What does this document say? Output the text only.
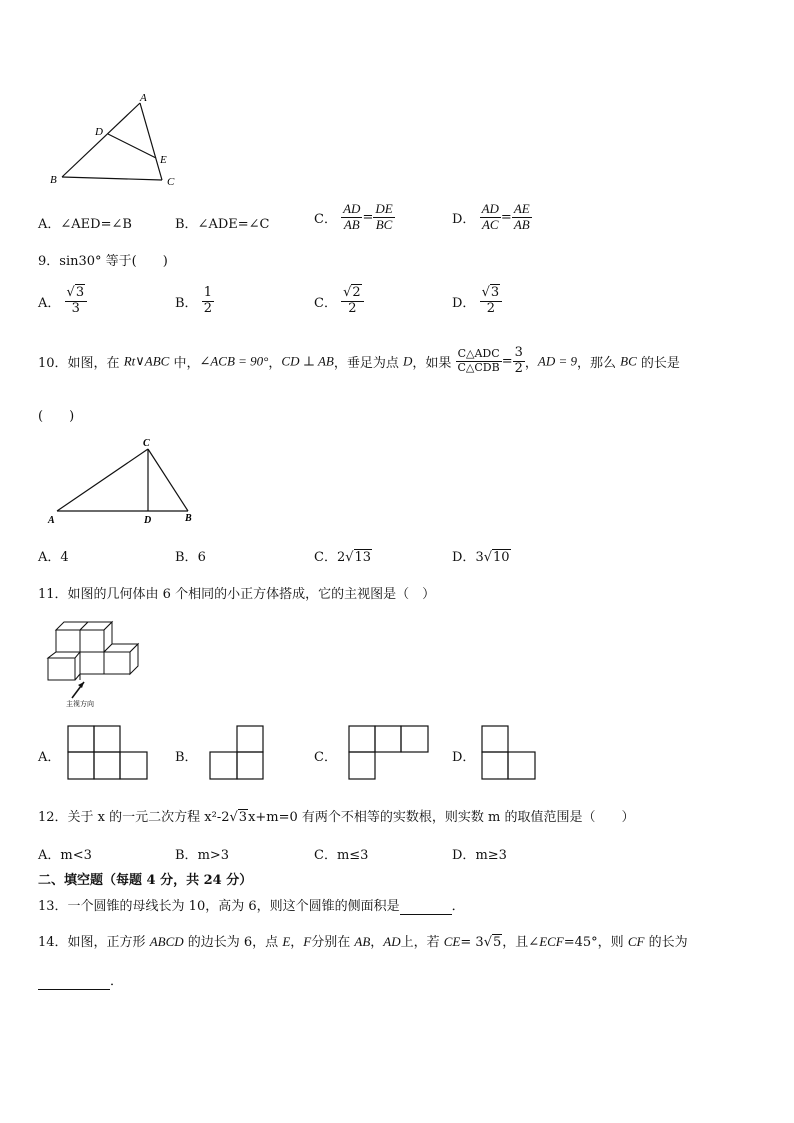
A
D
E
B	C
A．∠AED=∠B	B．∠ADE=∠C	C． $\frac{AD}{AB} = \frac{DE}{BC}$	D． $\frac{AD}{AC} = \frac{AE}{AB}$
9．sin30° 等于(　　)
A． $\frac{√3}{3}$	B． $\frac{1}{2}$	C． $\frac{√2}{2}$	D． $\frac{√3}{2}$
10．如图，在 Rt∨ABC 中，∠ACB = 90°，CD ⊥ AB，垂足为点 D，如果 $\frac{\text{C△ADC}}{\text{C△CDB}} = \frac{3}{2}$ ，AD = 9，那么 BC 的长是
(　　)
C
A	D	B
A．4	B．6	C．2√13	D．3√10
11．如图的几何体由 6 个相同的小正方体搭成，它的主视图是（　）
主视方向
A．	B．	C．	D．
12．关于 x 的一元二次方程 x²-2√3x+m=0 有两个不相等的实数根，则实数 m 的取值范围是（　　）
A．m<3	B．m>3	C．m≤3	D．m≥3
二、填空题（每题 4 分，共 24 分）
13．一个圆锥的母线长为 10，高为 6，则这个圆锥的侧面积是	．
14．如图，正方形 ABCD 的边长为 6，点 E，F分别在 AB，AD上，若 CE= 3√5，且∠ECF=45°，则 CF 的长为
．
